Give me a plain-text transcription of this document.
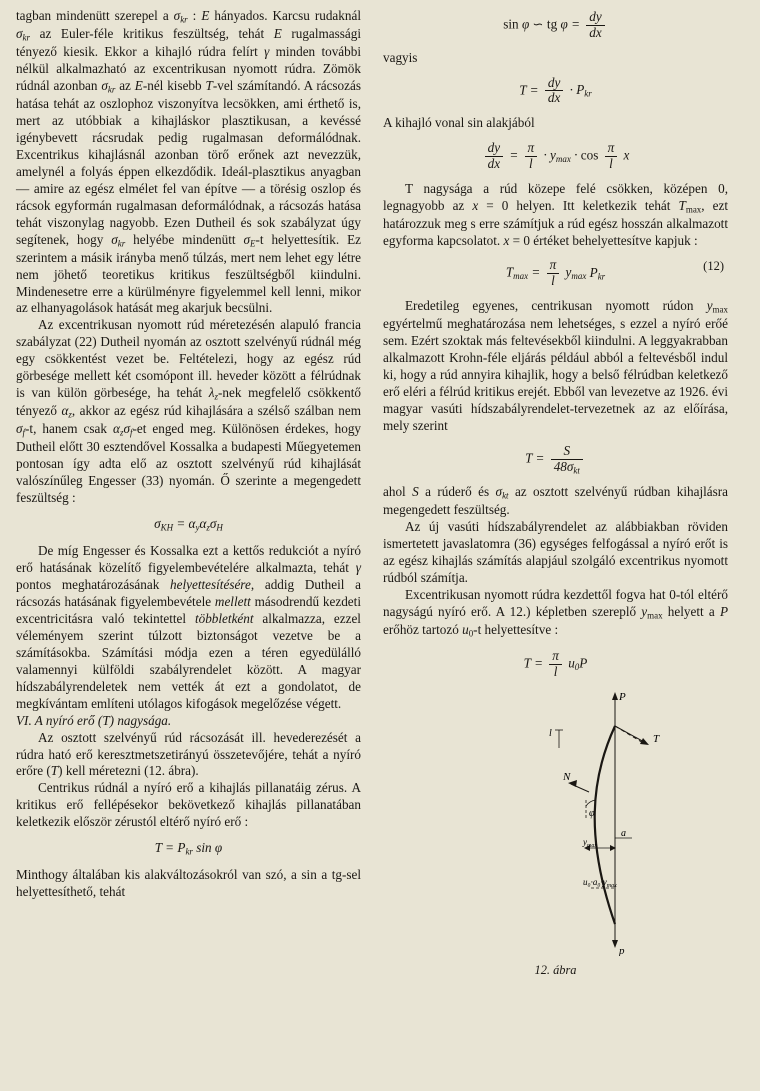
tagban mindenütt szerepel a $\sigma_{kr}$ : E hányados. Karcsu rudaknál $\sigma_{kr}$ az Euler-féle kritikus feszültség, tehát E rugalmassági tényező kiesik. Ekkor a kihajló rúdra felírt γ minden további nélkül alkalmazható az excentrikusan nyomott rúdra. Zömök rúdnál azonban $\sigma_{kr}$ az E-nél kisebb T-vel számítandó. A rácsozás hatása tehát az oszlophoz viszonyítva lecsökken, ami érthető is, mert az utóbbiak a kihajláskor plasztikusan, a kevéssé igénybevett rácsrudak pedig rugalmasan deformálódnak. Excentrikus kihajlásnál azonban törő erőnek azt nevezzük, amelynél a folyás éppen elkezdődik. Ideál-plasztikus anyagban — amire az egész elmélet fel van építve — a törésig oszlop és rácsok egyformán rugalmasan deformálódnak, a rácsozás hatása tehát viszonylag nagyobb. Ezen Dutheil és sok szabályzat úgy segítenek, hogy $\sigma_{kr}$ helyébe mindenütt $\sigma_E-t$ helyettesítik. Ez szerintem a másik irányba menő túlzás, mert nem lehet egy létre nem jöhető teoretikus kritikus feszültségből kiindulni. Mindenesetre erre a kürülményre figyelemmel kell lenni, mikor az elhanyagolások hatását meg akarjuk becsülni.

Az excentrikusan nyomott rúd méretezésén alapuló francia szabályzat (22) Dutheil nyomán az osztott szelvényű rúdnál még egy csökkentést vezet be. Feltételezi, hogy az egész rúd görbesége mellett két csomópont ill. heveder között a félrúdnak is van külön görbesége, ha tehát $\lambda_z$-nek megfelelő csökkentő tényező $\alpha_z$, akkor az egész rúd kihajlására a szélső szálban nem $\sigma_f-t$, hanem csak $\alpha_z\sigma_f-et$ enged meg. Különösen érdekes, hogy Dutheil előtt 30 esztendővel Kossalka a budapesti Műegyetemen pontosan így adta elő az osztott szelvényű rúd kihajlását valószínűleg Engesser (33) nyomán. Ő szerinte a megengedett feszültség :

$\sigma_{KH} = \alpha_y\alpha_z\sigma_H$

De míg Engesser és Kossalka ezt a kettős redukciót a nyíró erő hatásának közelítő figyelembevételére alkalmazta, tehát γ pontos meghatározásának helyettesítésére, addig Dutheil a rácsozás hatásának figyelembevétele mellett másodrendű kezdeti excentricitásra való tekintettel többletként alkalmazza, ezzel véleményem szerint túlzott biztonságot vezetve be a számításokba. Számítási módja ezen a téren egyedülálló valamennyi külföldi szabályrendelet között. A magyar hídszabályrendeletek nem vették át ezt a gondolatot, de megkívántam említeni utólagos kifogások megelőzése végett.

VI. A nyíró erő (T) nagysága.

Az osztott szelvényű rúd rácsozását ill. hevederezését a rúdra ható erő keresztmetszetirányú összetevőjére, tehát a nyíró erőre (T) kell méretezni (12. ábra).

Centrikus rúdnál a nyíró erő a kihajlás pillanatáig zérus. A kritikus erő fellépésekor bekövetkező kihajlás pillanatában keletkezik először zérustól eltérő nyíró erő :

$T = P_{kr}$ sin φ

Minthogy általában kis alakváltozásokról van szó, a sin a tg-sel helyettesíthető, tehát

sin φ ∽ tg $\varphi = \frac{dy}{dx}$

vagyis

$T = \frac{dy}{dx} \cdot P_{kr}$

A kihajló vonal sin alakjából

$\frac{dy}{dx} = \frac{\pi}{l} \cdot y_{max} \cdot \cos \frac{\pi}{l}$ x

T nagysága a rúd közepe felé csökken, középen 0, legnagyobb az x = 0 helyen. Itt keletkezik tehát $T_{max}$, ezt határozzuk meg s erre számítjuk a rúd egész hosszán alkalmazott egyforma kapcsolatot. x = 0 értéket behelyettesítve kapjuk :

$T_{max} = \frac{\pi}{l} y_{max}$ $P_{kr}$
(12)

Eredetileg egyenes, centrikusan nyomott rúdon $y_{max}$ egyértelmű meghatározása nem lehetséges, s ezzel a nyíró erőé sem. Ezért szoktak más feltevésekből kiindulni. A leggyakrabban alkalmazott Krohn-féle eljárás például abból a feltevésből indul ki, hogy a rúd annyira kihajlik, hogy a belső félrúdban keletkező erő eléri a félrúd kritikus erejét. Ebből van levezetve az 1926. évi magyar vasúti hídszabályrendelet-tervezetnek az az előírása, mely szerint

$T = \frac{S}{48\sigma_{kt}}$

ahol S a rúderő és $\sigma_{kt}$ az osztott szelvényű rúdban kihajlásra megengedett feszültség.

Az új vasúti hídszabályrendelet az alábbiakban röviden ismertetett javaslatomra (36) egységes felfogással a nyíró erőt is az egész kihajlás számítás alapjául szolgáló excentrikus nyomott rúdból számítja.

Excentrikusan nyomott rúdra kezdettől fogva hat 0-tól eltérő nagyságú nyíró erő. A 12.) képletben szereplő $y_{max}$ helyett a P erőhöz tartozó $u_0-t$ helyettesítve :

$T = \frac{\pi}{l} u_0P$
P
p
T
N
φ
l
$y_{max}$
a
$u_0\cdot a_0\cdot y_{max}$
12. ábra
